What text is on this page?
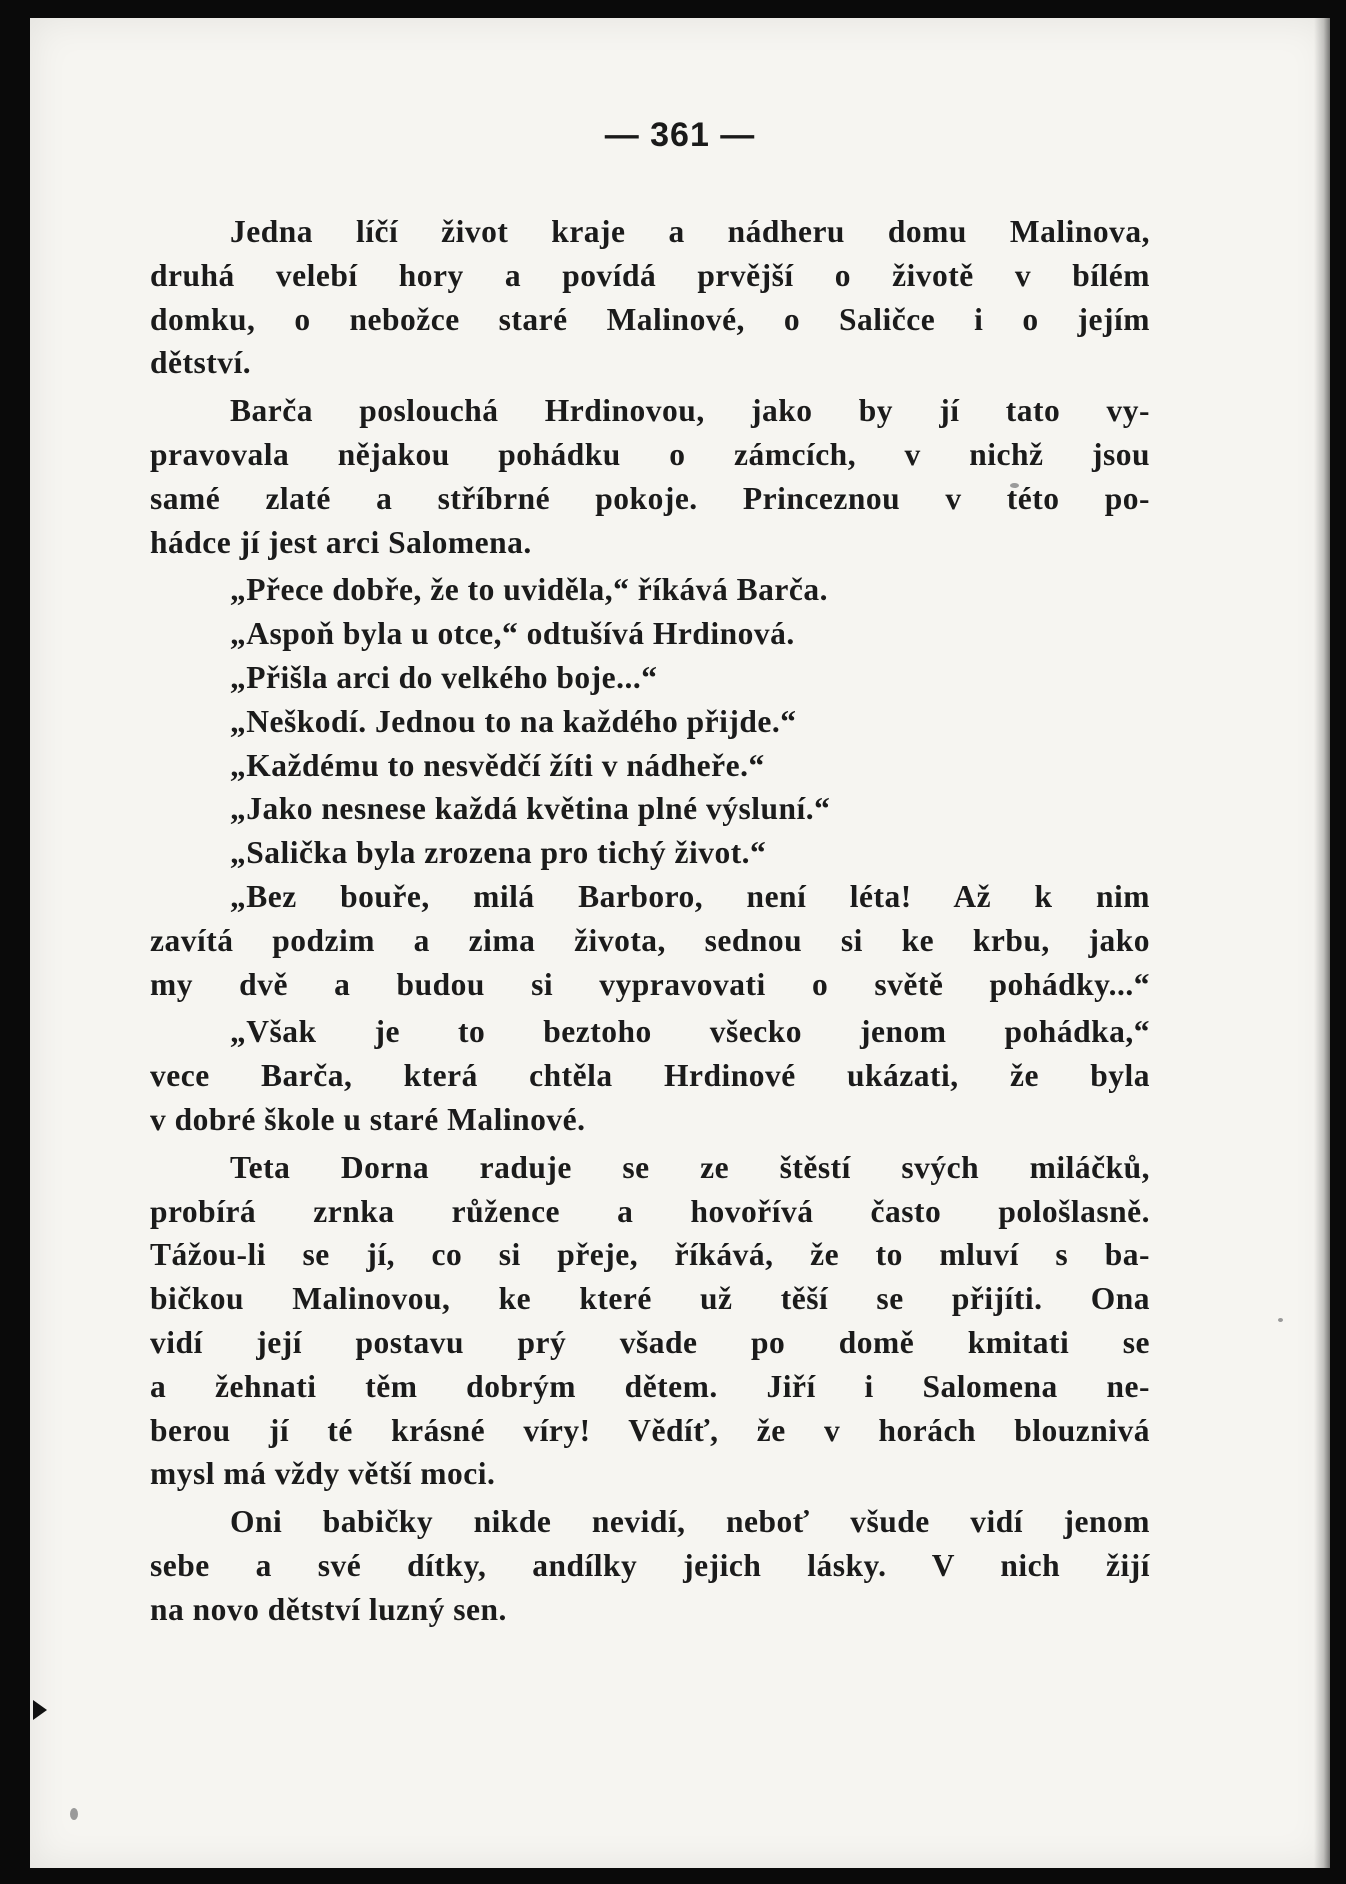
— 361 —

Jedna líčí život kraje a nádheru domu Malinova,
druhá velebí hory a povídá prvější o životě v bílém
domku, o nebožce staré Malinové, o Saličce i o jejím
dětství.
Barča poslouchá Hrdinovou, jako by jí tato vy-
pravovala nějakou pohádku o zámcích, v nichž jsou
samé zlaté a stříbrné pokoje. Princeznou v této po-
hádce jí jest arci Salomena.
„Přece dobře, že to uviděla,“ říkává Barča.
„Aspoň byla u otce,“ odtušívá Hrdinová.
„Přišla arci do velkého boje...“
„Neškodí. Jednou to na každého přijde.“
„Každému to nesvědčí žíti v nádheře.“
„Jako nesnese každá květina plné výsluní.“
„Salička byla zrozena pro tichý život.“
„Bez bouře, milá Barboro, není léta! Až k nim
zavítá podzim a zima života, sednou si ke krbu, jako
my dvě a budou si vypravovati o světě pohádky...“
„Však je to beztoho všecko jenom pohádka,“
vece Barča, která chtěla Hrdinové ukázati, že byla
v dobré škole u staré Malinové.
Teta Dorna raduje se ze štěstí svých miláčků,
probírá zrnka růžence a hovořívá často pološlasně.
Tážou-li se jí, co si přeje, říkává, že to mluví s ba-
bičkou Malinovou, ke které už těší se přijíti. Ona
vidí její postavu prý všade po domě kmitati se
a žehnati těm dobrým dětem. Jiří i Salomena ne-
berou jí té krásné víry! Vědíť, že v horách blouznivá
mysl má vždy větší moci.
Oni babičky nikde nevidí, neboť všude vidí jenom
sebe a své dítky, andílky jejich lásky. V nich žijí
na novo dětství luzný sen.
